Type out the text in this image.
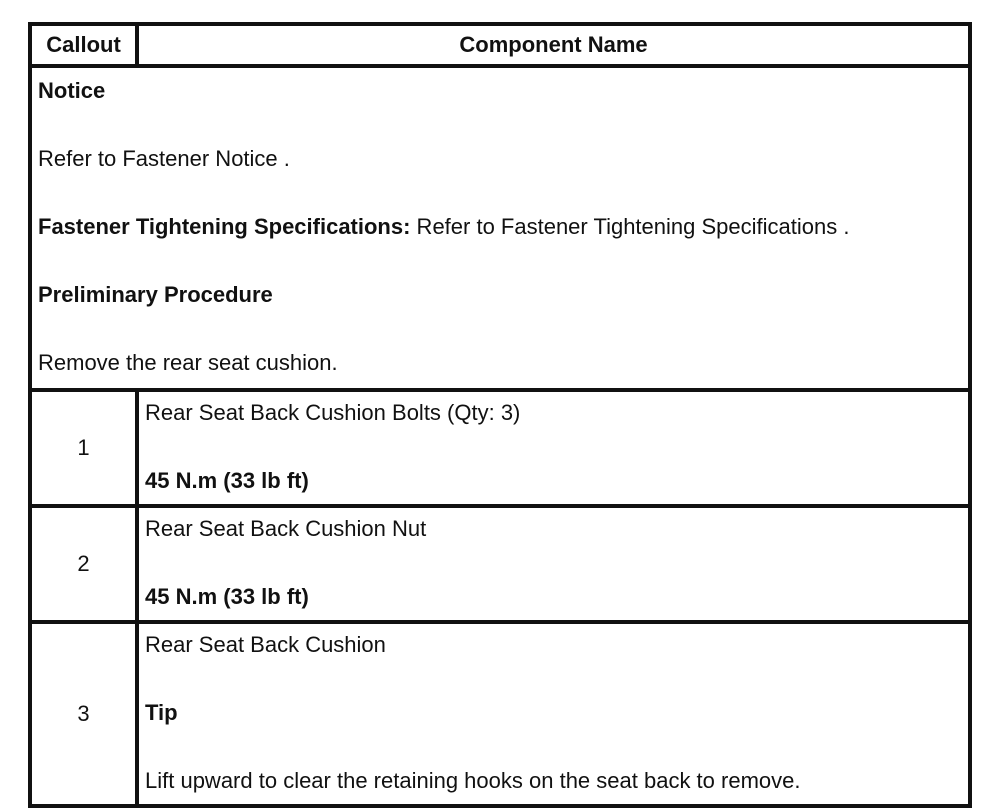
Callout	Component Name

Notice

Refer to Fastener Notice .

Fastener Tightening Specifications: Refer to Fastener Tightening Specifications .

Preliminary Procedure

Remove the rear seat cushion.

1

Rear Seat Back Cushion Bolts (Qty: 3)

45 N.m (33 lb ft)

2

Rear Seat Back Cushion Nut

45 N.m (33 lb ft)

3

Rear Seat Back Cushion

Tip

Lift upward to clear the retaining hooks on the seat back to remove.
